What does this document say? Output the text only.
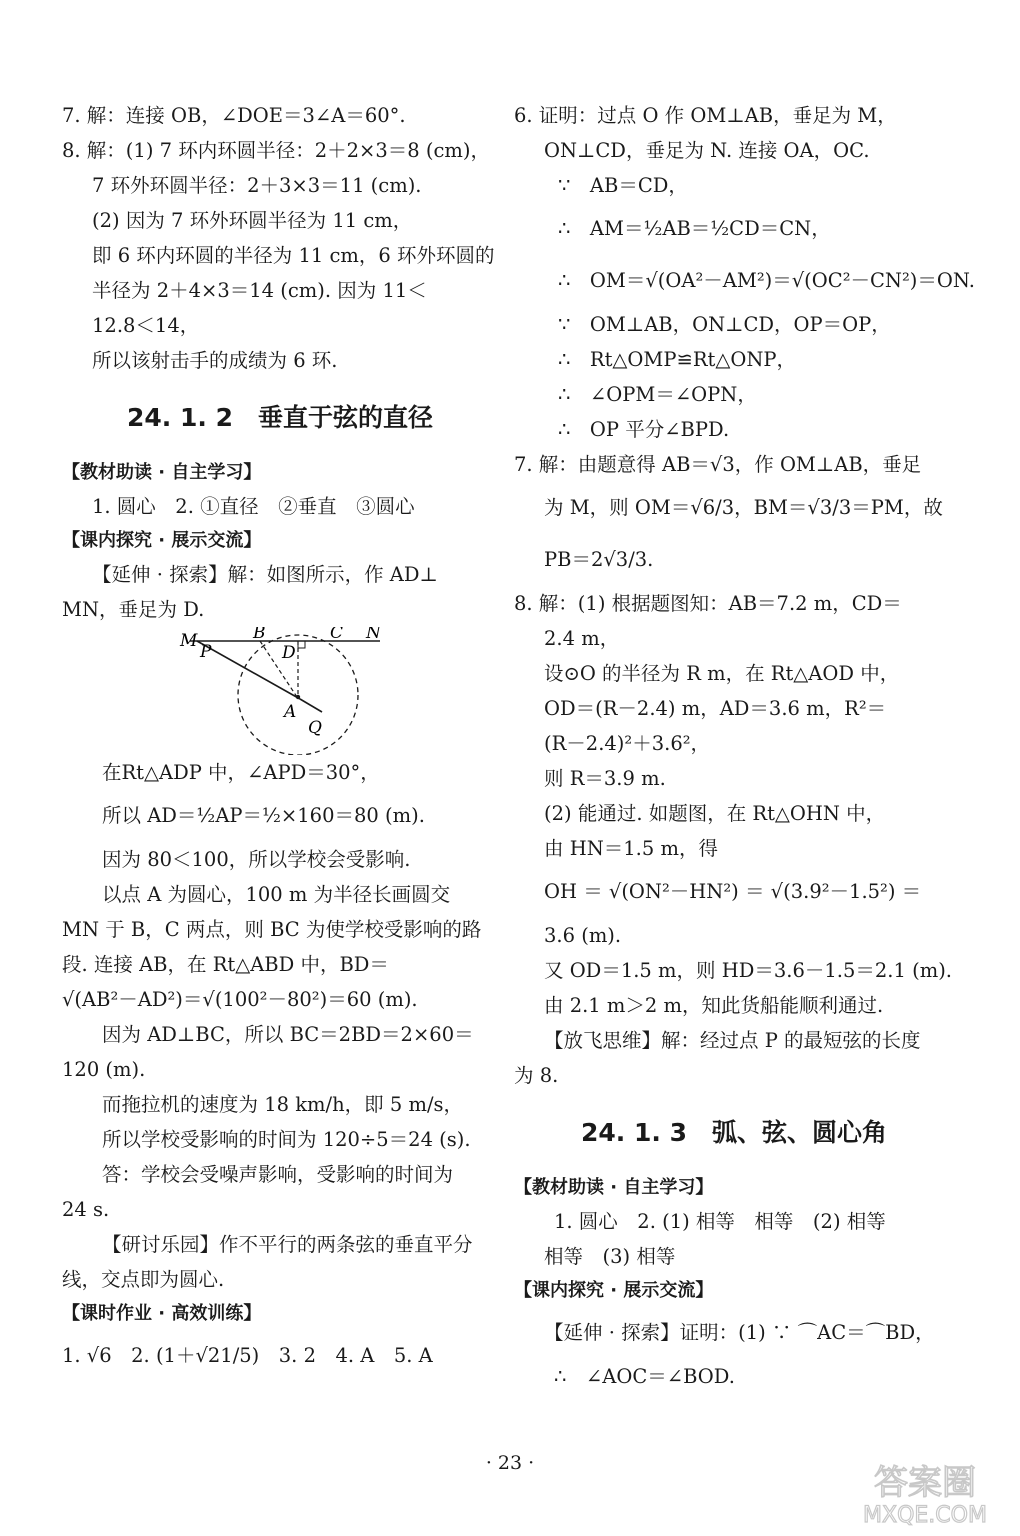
7. 解：连接 OB，∠DOE＝3∠A＝60°.
8. 解：(1) 7 环内环圆半径：2＋2×3＝8 (cm)，
7 环外环圆半径：2＋3×3＝11 (cm).
(2) 因为 7 环外环圆半径为 11 cm，
即 6 环内环圆的半径为 11 cm，6 环外环圆的
半径为 2＋4×3＝14 (cm). 因为 11＜
12.8＜14，
所以该射击手的成绩为 6 环.
24. 1. 2　垂直于弦的直径
【教材助读 · 自主学习】
1. 圆心　2. ①直径　②垂直　③圆心
【课内探究 · 展示交流】
【延伸 · 探索】解：如图所示，作 AD⊥
MN，垂足为 D.
M
P
B
D
C N
A
Q
在Rt△ADP 中，∠APD＝30°，
所以 AD＝½AP＝½×160＝80 (m).
因为 80＜100，所以学校会受影响.
以点 A 为圆心，100 m 为半径长画圆交
MN 于 B，C 两点，则 BC 为使学校受影响的路
段. 连接 AB，在 Rt△ABD 中，BD＝
√(AB²－AD²)＝√(100²－80²)＝60 (m).
因为 AD⊥BC，所以 BC＝2BD＝2×60＝
120 (m).
而拖拉机的速度为 18 km/h，即 5 m/s，
所以学校受影响的时间为 120÷5＝24 (s).
答：学校会受噪声影响，受影响的时间为
24 s.
【研讨乐园】作不平行的两条弦的垂直平分
线，交点即为圆心.
【课时作业 · 高效训练】
1. √6　2. (1＋√21/5)　3. 2　4. A　5. A
6. 证明：过点 O 作 OM⊥AB，垂足为 M，
ON⊥CD，垂足为 N. 连接 OA，OC.
∵　AB＝CD，
∴　AM＝½AB＝½CD＝CN，
∴　OM＝√(OA²－AM²)＝√(OC²－CN²)＝ON.
∵　OM⊥AB，ON⊥CD，OP＝OP，
∴　Rt△OMP≌Rt△ONP，
∴　∠OPM＝∠OPN，
∴　OP 平分∠BPD.
7. 解：由题意得 AB＝√3，作 OM⊥AB，垂足
为 M，则 OM＝√6/3，BM＝√3/3＝PM，故
PB＝2√3/3.
8. 解：(1) 根据题图知：AB＝7.2 m，CD＝
2.4 m，
设⊙O 的半径为 R m，在 Rt△AOD 中，
OD＝(R－2.4) m，AD＝3.6 m，R²＝
(R－2.4)²＋3.6²，
则 R＝3.9 m.
(2) 能通过. 如题图，在 Rt△OHN 中，
由 HN＝1.5 m，得
OH ＝ √(ON²－HN²) ＝ √(3.9²－1.5²) ＝
3.6 (m).
又 OD＝1.5 m，则 HD＝3.6－1.5＝2.1 (m).
由 2.1 m＞2 m，知此货船能顺利通过.
【放飞思维】解：经过点 P 的最短弦的长度
为 8.
24. 1. 3　弧、弦、圆心角
【教材助读 · 自主学习】
1. 圆心　2. (1) 相等　相等　(2) 相等
相等　(3) 相等
【课内探究 · 展示交流】
【延伸 · 探索】证明：(1) ∵ ⌒AC＝⌒BD，
∴　∠AOC＝∠BOD.
· 23 ·	答案圈
MXQE.COM
